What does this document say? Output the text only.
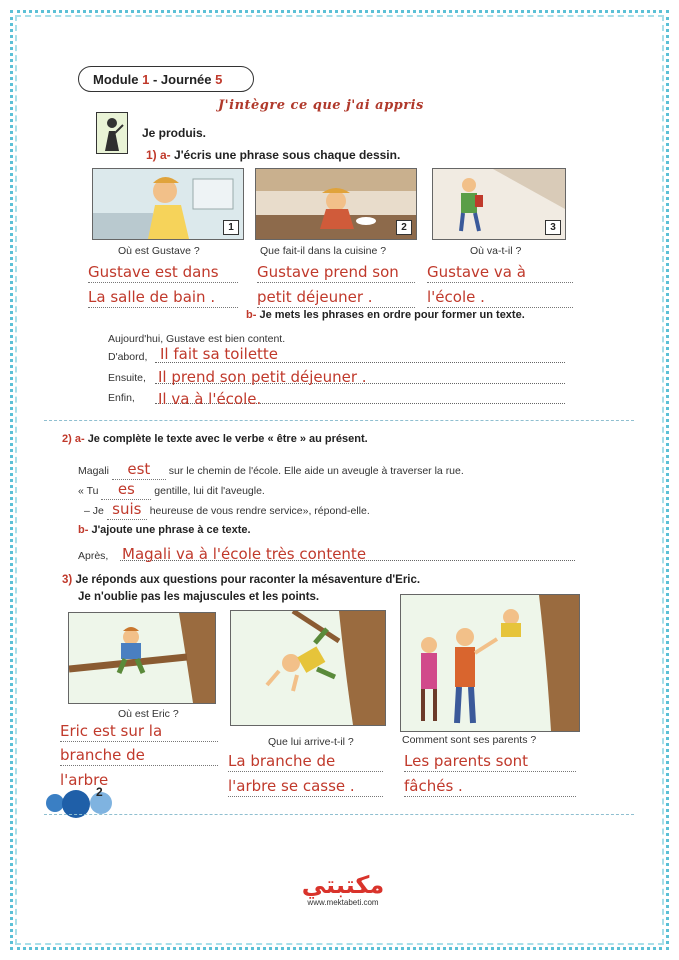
Module 1 - Journée 5
J'intègre ce que j'ai appris
Je produis.
1) a- J'écris une phrase sous chaque dessin.
1	2	3
Où est Gustave ?	Que fait-il dans la cuisine ?	Où va-t-il ?
Gustave est dans
La salle de bain .
Gustave prend son
petit déjeuner .
Gustave va à
l'école .
b- Je mets les phrases en ordre pour former un texte.
Aujourd'hui, Gustave est bien content.
D'abord, Il fait sa toilette
Ensuite, Il prend son petit déjeuner .
Enfin, Il va à l'école.
2) a- Je complète le texte avec le verbe « être » au présent.
Magali est sur le chemin de l'école. Elle aide un aveugle à traverser la rue.
« Tu es gentille, lui dit l'aveugle.
– Je suis heureuse de vous rendre service», répond-elle.
b- J'ajoute une phrase à ce texte.
Après, Magali va à l'école très contente
3) Je réponds aux questions pour raconter la mésaventure d'Eric.
Je n'oublie pas les majuscules et les points.
Où est Eric ?
Que lui arrive-t-il ?	Comment sont ses parents ?
Eric est sur la
branche de
l'arbre
La branche de
l'arbre se casse .
Les parents sont
fâchés .
2
مكتبتي
www.mektabeti.com
